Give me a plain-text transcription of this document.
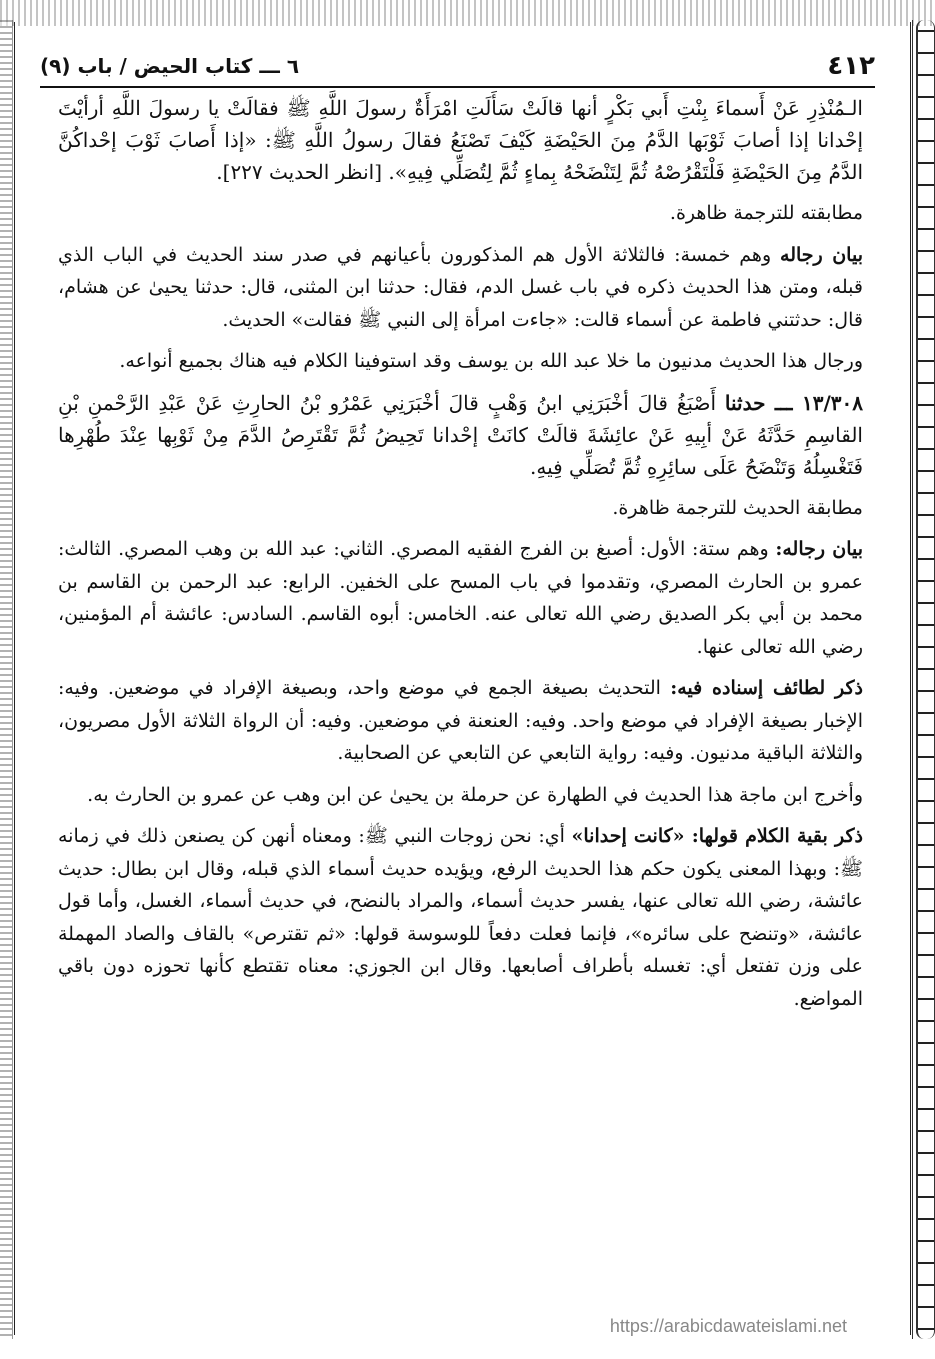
٤١٢
٦ ـــ كتاب الحيض / باب (٩)

الـمُنْذِرِ عَنْ أَسماءَ بِنْتِ أَبي بَكْرٍ أنها قالَتْ سَأَلَتِ امْرَأَةٌ رسولَ اللَّهِ ﷺ فقالَتْ يا رسولَ اللَّهِ أرأيْتَ إحْدانا إذا أصابَ ثَوْبَها الدَّمُ مِنَ الحَيْضَةِ كَيْفَ تَصْنَعُ فقالَ رسولُ اللَّهِ ﷺ: «إذا أَصابَ ثَوْبَ إحْداكُنَّ الدَّمُ مِنَ الحَيْضَةِ فَلْتَقْرُصْهُ ثُمَّ لِتَنْضَحْهُ بِماءٍ ثُمَّ لِتُصَلِّي فِيهِ». [انظر الحديث ٢٢٧].

مطابقته للترجمة ظاهرة.

بيان رجاله وهم خمسة: فالثلاثة الأول هم المذكورون بأعيانهم في صدر سند الحديث في الباب الذي قبله، ومتن هذا الحديث ذكره في باب غسل الدم، فقال: حدثنا ابن المثنى، قال: حدثنا يحيىٰ عن هشام، قال: حدثتني فاطمة عن أسماء قالت: «جاءت امرأة إلى النبي ﷺ فقالت» الحديث.

ورجال هذا الحديث مدنيون ما خلا عبد الله بن يوسف وقد استوفينا الكلام فيه هناك بجميع أنواعه.

١٣/٣٠٨ ـــ حدثنا أَصْبَغُ قالَ أخْبَرَنِي ابنُ وَهْبٍ قالَ أخْبَرَنِي عَمْرُو بْنُ الحارِثِ عَنْ عَبْدِ الرَّحْمنِ بْنِ القاسِمِ حَدَّثَهُ عَنْ أبِيهِ عَنْ عائِشَةَ قالَتْ كانَتْ إحْدانا تَحِيضُ ثُمَّ تَقْتَرِصُ الدَّمَ مِنْ ثَوْبِها عِنْدَ طُهْرِها فَتَغْسِلُهُ وَتَنْضَحُ عَلَى سائِرِهِ ثُمَّ تُصَلِّي فِيهِ.

مطابقة الحديث للترجمة ظاهرة.

بيان رجاله: وهم ستة: الأول: أصبغ بن الفرج الفقيه المصري. الثاني: عبد الله بن وهب المصري. الثالث: عمرو بن الحارث المصري، وتقدموا في باب المسح على الخفين. الرابع: عبد الرحمن بن القاسم بن محمد بن أبي بكر الصديق رضي الله تعالى عنه. الخامس: أبوه القاسم. السادس: عائشة أم المؤمنين، رضي الله تعالى عنها.

ذكر لطائف إسناده فيه: التحديث بصيغة الجمع في موضع واحد، وبصيغة الإفراد في موضعين. وفيه: الإخبار بصيغة الإفراد في موضع واحد. وفيه: العنعنة في موضعين. وفيه: أن الرواة الثلاثة الأول مصريون، والثلاثة الباقية مدنيون. وفيه: رواية التابعي عن التابعي عن الصحابية.

وأخرج ابن ماجة هذا الحديث في الطهارة عن حرملة بن يحيىٰ عن ابن وهب عن عمرو بن الحارث به.

ذكر بقية الكلام قولها: «كانت إحدانا» أي: نحن زوجات النبي ﷺ: ومعناه أنهن كن يصنعن ذلك في زمانه ﷺ: وبهذا المعنى يكون حكم هذا الحديث الرفع، ويؤيده حديث أسماء الذي قبله، وقال ابن بطال: حديث عائشة، رضي الله تعالى عنها، يفسر حديث أسماء، والمراد بالنضح، في حديث أسماء، الغسل، وأما قول عائشة، «وتنضح على سائره»، فإنما فعلت دفعاً للوسوسة قولها: «ثم تقترص» بالقاف والصاد المهملة على وزن تفتعل أي: تغسله بأطراف أصابعها. وقال ابن الجوزي: معناه تقتطع كأنها تحوزه دون باقي المواضع.

https://arabicdawateislami.net
